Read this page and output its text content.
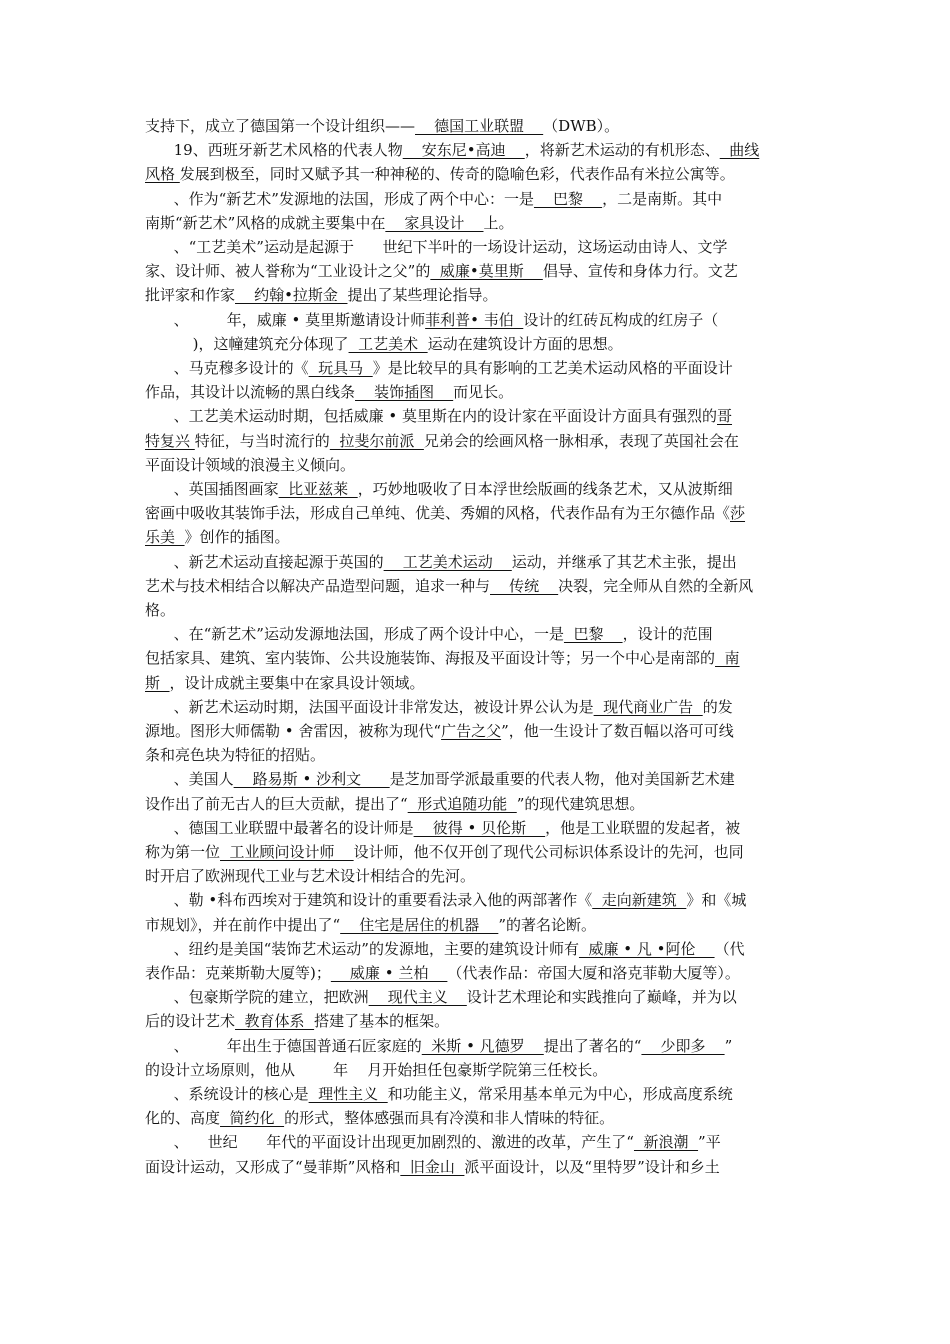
支持下，成立了德国第一个设计组织——    德国工业联盟    （DWB）。
19、西班牙新艺术风格的代表人物    安东尼•高迪    ，将新艺术运动的有机形态、  曲线
风格 发展到极至，同时又赋予其一种神秘的、传奇的隐喻色彩，代表作品有米拉公寓等。
、作为“新艺术”发源地的法国，形成了两个中心：一是    巴黎    ，二是南斯。其中
南斯“新艺术”风格的成就主要集中在    家具设计    上。
、“工艺美术”运动是起源于      世纪下半叶的一场设计运动，这场运动由诗人、文学
家、设计师、被人誉称为“工业设计之父”的  威廉•莫里斯    倡导、宣传和身体力行。文艺
批评家和作家    约翰•拉斯金  提出了某些理论指导。
、        年，威廉 • 莫里斯邀请设计师菲利普• 韦伯  设计的红砖瓦构成的红房子（
)，这幢建筑充分体现了  工艺美术  运动在建筑设计方面的思想。
、马克穆多设计的《  玩具马  》是比较早的具有影响的工艺美术运动风格的平面设计
作品，其设计以流畅的黑白线条    装饰插图    而见长。
、工艺美术运动时期，包括威廉 • 莫里斯在内的设计家在平面设计方面具有强烈的哥
特复兴 特征，与当时流行的  拉斐尔前派  兄弟会的绘画风格一脉相承，表现了英国社会在
平面设计领域的浪漫主义倾向。
、英国插图画家  比亚兹莱  ，巧妙地吸收了日本浮世绘版画的线条艺术，又从波斯细
密画中吸收其装饰手法，形成自己单纯、优美、秀媚的风格，代表作品有为王尔德作品《莎
乐美  》创作的插图。
、新艺术运动直接起源于英国的    工艺美术运动    运动，并继承了其艺术主张，提出
艺术与技术相结合以解决产品造型问题，追求一种与    传统    决裂，完全师从自然的全新风
格。
、在“新艺术”运动发源地法国，形成了两个设计中心，一是  巴黎    ，设计的范围
包括家具、建筑、室内装饰、公共设施装饰、海报及平面设计等；另一个中心是南部的  南
斯  ，设计成就主要集中在家具设计领域。
、新艺术运动时期，法国平面设计非常发达，被设计界公认为是  现代商业广告  的发
源地。图形大师儒勒 • 舍雷因，被称为现代“广告之父”，他一生设计了数百幅以洛可可线
条和亮色块为特征的招贴。
、美国人    路易斯 • 沙利文      是芝加哥学派最重要的代表人物，他对美国新艺术建
设作出了前无古人的巨大贡献，提出了“  形式追随功能  ”的现代建筑思想。
、德国工业联盟中最著名的设计师是    彼得 • 贝伦斯    ，他是工业联盟的发起者，被
称为第一位  工业顾问设计师    设计师，他不仅开创了现代公司标识体系设计的先河，也同
时开启了欧洲现代工业与艺术设计相结合的先河。
、勒 •科布西埃对于建筑和设计的重要看法录入他的两部著作《  走向新建筑  》和《城
市规划》，并在前作中提出了“    住宅是居住的机器    ”的著名论断。
、纽约是美国“装饰艺术运动”的发源地，主要的建筑设计师有  威廉 • 凡 •阿伦    （代
表作品：克莱斯勒大厦等)；    威廉 • 兰柏    （代表作品：帝国大厦和洛克菲勒大厦等）。
、包豪斯学院的建立，把欧洲    现代主义    设计艺术理论和实践推向了巅峰，并为以
后的设计艺术  教育体系  搭建了基本的框架。
、        年出生于德国普通石匠家庭的  米斯 • 凡德罗    提出了著名的“    少即多    ”
的设计立场原则，他从        年    月开始担任包豪斯学院第三任校长。
、系统设计的核心是  理性主义  和功能主义，常采用基本单元为中心，形成高度系统
化的、高度  简约化  的形式，整体感强而具有冷漠和非人情味的特征。
、    世纪      年代的平面设计出现更加剧烈的、激进的改革，产生了“  新浪潮  ”平
面设计运动，又形成了“曼菲斯”风格和  旧金山  派平面设计，以及“里特罗”设计和乡土
